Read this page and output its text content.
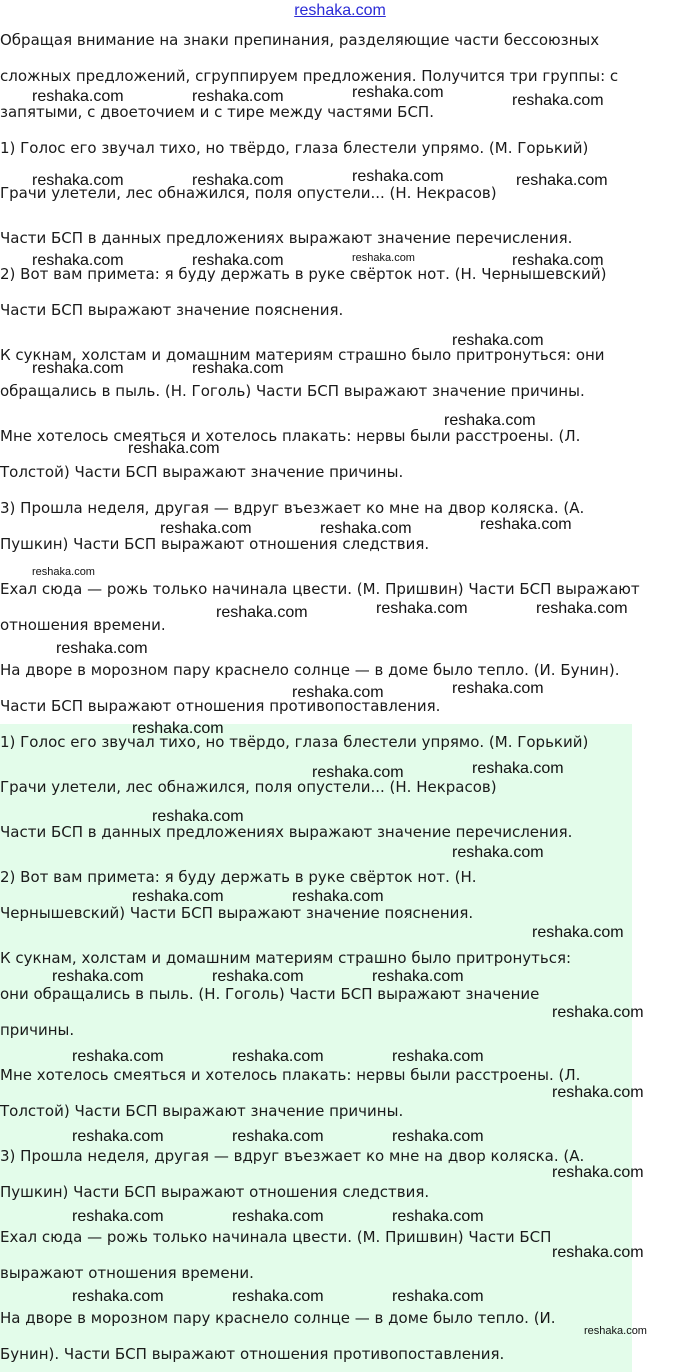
reshaka.com

Обращая внимание на знаки препинания, разделяющие части бессоюзных

сложных предложений, сгруппируем предложения. Получится три группы: с

запятыми, с двоеточием и с тире между частями БСП.

1) Голос его звучал тихо, но твёрдо, глаза блестели упрямо. (М. Горький)

Грачи улетели, лес обнажился, поля опустели... (Н. Некрасов)

Части БСП в данных предложениях выражают значение перечисления.

2) Вот вам примета: я буду держать в руке свёрток нот. (Н. Чернышевский)

Части БСП выражают значение пояснения.

К сукнам, холстам и домашним материям страшно было притронуться: они

обращались в пыль. (Н. Гоголь) Части БСП выражают значение причины.

Мне хотелось смеяться и хотелось плакать: нервы были расстроены. (Л.

Толстой) Части БСП выражают значение причины.

3) Прошла неделя, другая — вдруг въезжает ко мне на двор коляска. (А.

Пушкин) Части БСП выражают отношения следствия.

Ехал сюда — рожь только начинала цвести. (М. Пришвин) Части БСП выражают

отношения времени.

На дворе в морозном пару краснело солнце — в доме было тепло. (И. Бунин).

Части БСП выражают отношения противопоставления.

1) Голос его звучал тихо, но твёрдо, глаза блестели упрямо. (М. Горький)

Грачи улетели, лес обнажился, поля опустели... (Н. Некрасов)

Части БСП в данных предложениях выражают значение перечисления.

2) Вот вам примета: я буду держать в руке свёрток нот. (Н.

Чернышевский) Части БСП выражают значение пояснения.

К сукнам, холстам и домашним материям страшно было притронуться:

они обращались в пыль. (Н. Гоголь) Части БСП выражают значение

причины.

Мне хотелось смеяться и хотелось плакать: нервы были расстроены. (Л.

Толстой) Части БСП выражают значение причины.

3) Прошла неделя, другая — вдруг въезжает ко мне на двор коляска. (А.

Пушкин) Части БСП выражают отношения следствия.

Ехал сюда — рожь только начинала цвести. (М. Пришвин) Части БСП

выражают отношения времени.

На дворе в морозном пару краснело солнце — в доме было тепло. (И.

Бунин). Части БСП выражают отношения противопоставления.

reshaka.com	reshaka.com	reshaka.com	reshaka.com
reshaka.com	reshaka.com	reshaka.com	reshaka.com
reshaka.com	reshaka.com	reshaka.com	reshaka.com
reshaka.com
reshaka.com	reshaka.com
reshaka.com
reshaka.com
reshaka.com	reshaka.com	reshaka.com
reshaka.com
reshaka.com	reshaka.com	reshaka.com
reshaka.com
reshaka.com	reshaka.com
reshaka.com
reshaka.com	reshaka.com
reshaka.com
reshaka.com
reshaka.com	reshaka.com
reshaka.com
reshaka.com	reshaka.com	reshaka.com
reshaka.com
reshaka.com	reshaka.com	reshaka.com
reshaka.com
reshaka.com	reshaka.com	reshaka.com
reshaka.com
reshaka.com	reshaka.com	reshaka.com
reshaka.com
reshaka.com	reshaka.com	reshaka.com
reshaka.com
